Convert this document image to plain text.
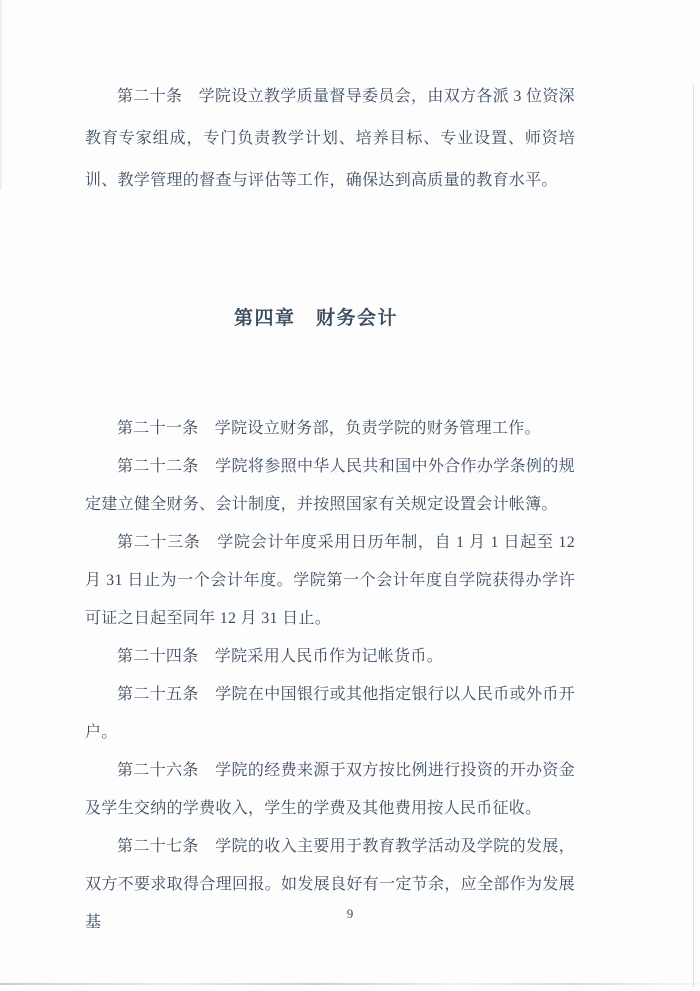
第二十条　学院设立教学质量督导委员会，由双方各派 3 位资深教育专家组成，专门负责教学计划、培养目标、专业设置、师资培训、教学管理的督查与评估等工作，确保达到高质量的教育水平。
第四章　财务会计
第二十一条　学院设立财务部，负责学院的财务管理工作。
第二十二条　学院将参照中华人民共和国中外合作办学条例的规定建立健全财务、会计制度，并按照国家有关规定设置会计帐簿。
第二十三条　学院会计年度采用日历年制，自 1 月 1 日起至 12 月 31 日止为一个会计年度。学院第一个会计年度自学院获得办学许可证之日起至同年 12 月 31 日止。
第二十四条　学院采用人民币作为记帐货币。
第二十五条　学院在中国银行或其他指定银行以人民币或外币开户。
第二十六条　学院的经费来源于双方按比例进行投资的开办资金及学生交纳的学费收入，学生的学费及其他费用按人民币征收。
第二十七条　学院的收入主要用于教育教学活动及学院的发展，双方不要求取得合理回报。如发展良好有一定节余，应全部作为发展基
9
